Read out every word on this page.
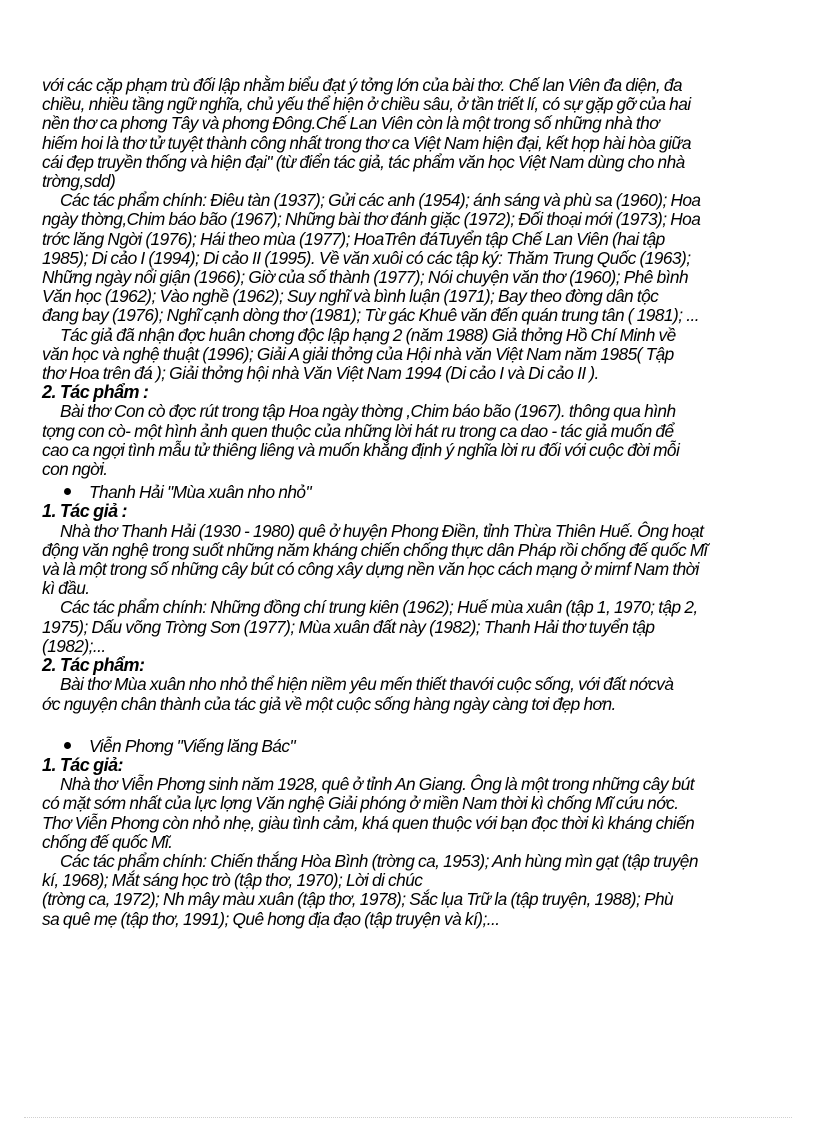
với các cặp phạm trù đối lập nhằm biểu đạt ý tởng lớn của bài thơ. Chế lan Viên đa diện, đa

chiều, nhiều tầng ngữ nghĩa, chủ yếu thể hiện ở chiều sâu, ở tần triết lí, có sự gặp gỡ của hai

nền thơ ca phơng Tây và phơng Đông.Chế Lan Viên còn là một trong số những nhà thơ

hiếm hoi là thơ tử tuyệt thành công nhất trong thơ ca Việt Nam hiện đại, kết hợp hài hòa giữa

cái đẹp truyền thống và hiện đại" (từ điển tác giả, tác phẩm văn học Việt Nam dùng cho nhà

trờng,sdd)

Các tác phẩm chính: Điêu tàn (1937); Gửi các anh (1954); ánh sáng và phù sa (1960); Hoa

ngày thờng,Chim báo bão (1967); Những bài thơ đánh giặc (1972); Đối thoại mới (1973); Hoa

trớc lăng Ngời (1976); Hái theo mùa (1977); HoaTrên đáTuyển tập Chế Lan Viên (hai tập

1985); Di cảo I (1994); Di cảo II (1995). Về văn xuôi có các tập ký: Thăm Trung Quốc (1963);

Những ngày nổi giận (1966); Giờ của số thành (1977); Nói chuyện văn thơ (1960); Phê bình

Văn học (1962); Vào nghề (1962); Suy nghĩ và bình luận (1971); Bay theo đờng dân tộc

đang bay (1976); Nghĩ cạnh dòng thơ (1981); Từ gác Khuê văn đến quán trung tân ( 1981); ...

Tác giả đã nhận đợc huân chơng độc lập hạng 2 (năm 1988) Giả thởng Hồ Chí Minh về

văn học và nghệ thuật (1996); Giải A giải thởng của Hội nhà văn Việt Nam năm 1985( Tập

thơ Hoa trên đá ); Giải thởng hội nhà Văn Việt Nam 1994 (Di cảo I và Di cảo II ).

2. Tác phẩm :

Bài thơ Con cò đợc rút trong tập Hoa ngày thờng ,Chim báo bão (1967). thông qua hình

tợng con cò- một hình ảnh quen thuộc của những lời hát ru trong ca dao - tác giả muốn để

cao ca ngợi tình mẫu tử thiêng liêng và muốn khẳng định ý nghĩa lời ru đối với cuộc đời mỗi

con ngời.

Thanh Hải "Mùa xuân nho nhỏ"

1. Tác giả :

Nhà thơ Thanh Hải (1930 - 1980) quê ở huyện Phong Điền, tỉnh Thừa Thiên Huế. Ông hoạt

động văn nghệ trong suốt những năm kháng chiến chống thực dân Pháp rồi chống đế quốc Mĩ

và là một trong số những cây bút có công xây dựng nền văn học cách mạng ở mirnf Nam thời

kì đầu.

Các tác phẩm chính: Những đồng chí trung kiên (1962); Huế mùa xuân (tập 1, 1970; tập 2,

1975); Dấu võng Trờng Sơn (1977); Mùa xuân đất này (1982); Thanh Hải thơ tuyển tập

(1982);...

2. Tác phẩm:

Bài thơ Mùa xuân nho nhỏ thể hiện niềm yêu mến thiết thavới cuộc sống, với đất nớcvà

ớc nguyện chân thành của tác giả về một cuộc sống hàng ngày càng tơi đẹp hơn.

Viễn Phơng "Viếng lăng Bác"

1. Tác giả:

Nhà thơ Viễn Phơng sinh năm 1928, quê ở tỉnh An Giang. Ông là một trong những cây bút

có mặt sớm nhất của lực lợng Văn nghệ Giải phóng ở miền Nam thời kì chống Mĩ cứu nớc.

Thơ Viễn Phơng còn nhỏ nhẹ, giàu tình cảm, khá quen thuộc với bạn đọc thời kì kháng chiến

chống đế quốc Mĩ.

Các tác phẩm chính: Chiến thắng Hòa Bình (trờng ca, 1953); Anh hùng mìn gạt (tập truyện

kí, 1968); Mắt sáng học trò (tập thơ, 1970); Lời di chúc

(trờng ca, 1972); Nh mây màu xuân (tập thơ, 1978); Sắc lụa Trữ la (tập truyện, 1988); Phù

sa quê mẹ (tập thơ, 1991); Quê hơng địa đạo (tập truyện và kí);...
